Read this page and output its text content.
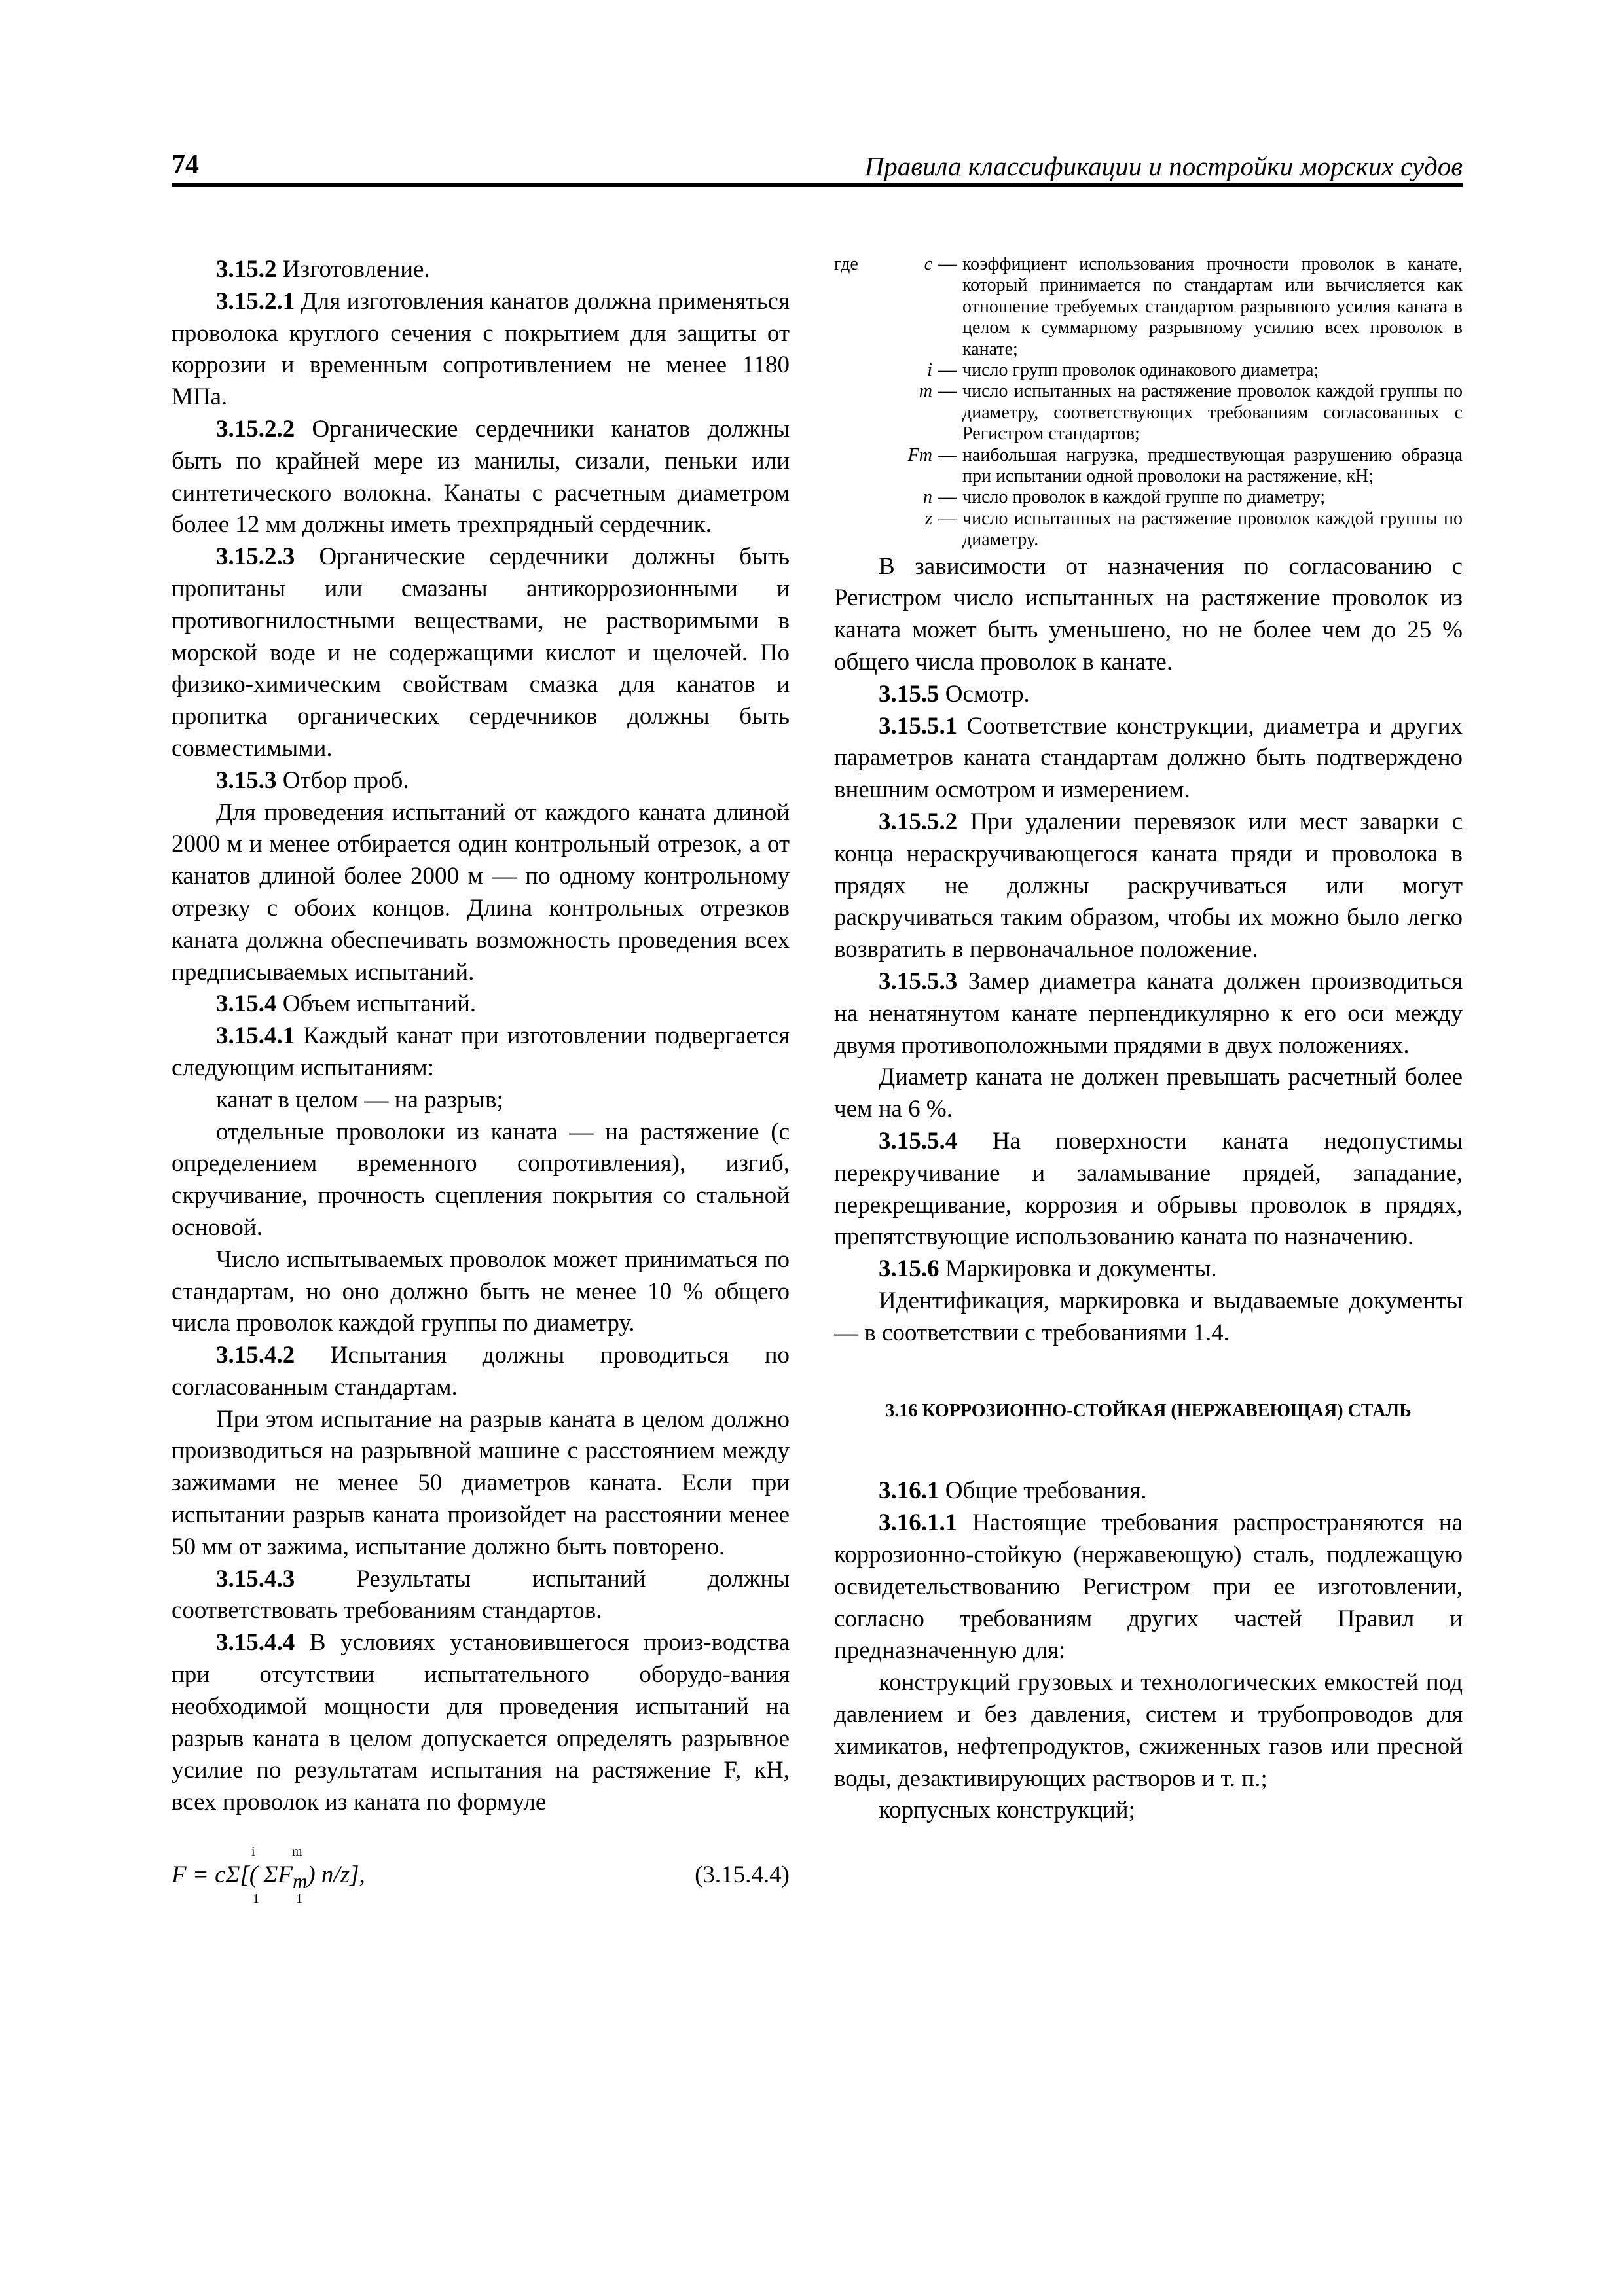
74	Правила классификации и постройки морских судов

3.15.2 Изготовление.

3.15.2.1 Для изготовления канатов должна применяться проволока круглого сечения с покрытием для защиты от коррозии и временным сопротивлением не менее 1180 МПа.

3.15.2.2 Органические сердечники канатов должны быть по крайней мере из манилы, сизали, пеньки или синтетического волокна. Канаты с расчетным диаметром более 12 мм должны иметь трехпрядный сердечник.

3.15.2.3 Органические сердечники должны быть пропитаны или смазаны антикоррозионными и противогнилостными веществами, не растворимыми в морской воде и не содержащими кислот и щелочей. По физико-химическим свойствам смазка для канатов и пропитка органических сердечников должны быть совместимыми.

3.15.3 Отбор проб.

Для проведения испытаний от каждого каната длиной 2000 м и менее отбирается один контрольный отрезок, а от канатов длиной более 2000 м — по одному контрольному отрезку с обоих концов. Длина контрольных отрезков каната должна обеспечивать возможность проведения всех предписываемых испытаний.

3.15.4 Объем испытаний.

3.15.4.1 Каждый канат при изготовлении подвергается следующим испытаниям:

канат в целом — на разрыв;

отдельные проволоки из каната — на растяжение (с определением временного сопротивления), изгиб, скручивание, прочность сцепления покрытия со стальной основой.

Число испытываемых проволок может приниматься по стандартам, но оно должно быть не менее 10 % общего числа проволок каждой группы по диаметру.

3.15.4.2 Испытания должны проводиться по согласованным стандартам.

При этом испытание на разрыв каната в целом должно производиться на разрывной машине с расстоянием между зажимами не менее 50 диаметров каната. Если при испытании разрыв каната произойдет на расстоянии менее 50 мм от зажима, испытание должно быть повторено.

3.15.4.3 Результаты испытаний должны соответствовать требованиям стандартов.

3.15.4.4 В условиях установившегося произ-водства при отсутствии испытательного оборудо-вания необходимой мощности для проведения испытаний на разрыв каната в целом допускается определять разрывное усилие по результатам испытания на растяжение F, кН, всех проволок из каната по формуле

i	m
F = cΣ[( $\Sigma F_m$) n/z],
1	1
(3.15.4.4)
где	c — коэффициент использования прочности проволок в канате, который принимается по стандартам или вычисляется как отношение требуемых стандартом разрывного усилия каната в целом к суммарному разрывному усилию всех проволок в канате;
i — число групп проволок одинакового диаметра;
m — число испытанных на растяжение проволок каждой группы по диаметру, соответствующих требованиям согласованных с Регистром стандартов;
Fm — наибольшая нагрузка, предшествующая разрушению образца при испытании одной проволоки на растяжение, кН;
n — число проволок в каждой группе по диаметру;
z — число испытанных на растяжение проволок каждой группы по диаметру.

В зависимости от назначения по согласованию с Регистром число испытанных на растяжение проволок из каната может быть уменьшено, но не более чем до 25 % общего числа проволок в канате.

3.15.5 Осмотр.

3.15.5.1 Соответствие конструкции, диаметра и других параметров каната стандартам должно быть подтверждено внешним осмотром и измерением.

3.15.5.2 При удалении перевязок или мест заварки с конца нераскручивающегося каната пряди и проволока в прядях не должны раскручиваться или могут раскручиваться таким образом, чтобы их можно было легко возвратить в первоначальное положение.

3.15.5.3 Замер диаметра каната должен производиться на ненатянутом канате перпендикулярно к его оси между двумя противоположными прядями в двух положениях.

Диаметр каната не должен превышать расчетный более чем на 6 %.

3.15.5.4 На поверхности каната недопустимы перекручивание и заламывание прядей, западание, перекрещивание, коррозия и обрывы проволок в прядях, препятствующие использованию каната по назначению.

3.15.6 Маркировка и документы.

Идентификация, маркировка и выдаваемые документы — в соответствии с требованиями 1.4.

3.16 КОРРОЗИОННО-СТОЙКАЯ (НЕРЖАВЕЮЩАЯ) СТАЛЬ

3.16.1 Общие требования.

3.16.1.1 Настоящие требования распространяются на коррозионно-стойкую (нержавеющую) сталь, подлежащую освидетельствованию Регистром при ее изготовлении, согласно требованиям других частей Правил и предназначенную для:

конструкций грузовых и технологических емкостей под давлением и без давления, систем и трубопроводов для химикатов, нефтепродуктов, сжиженных газов или пресной воды, дезактивирующих растворов и т. п.;

корпусных конструкций;
